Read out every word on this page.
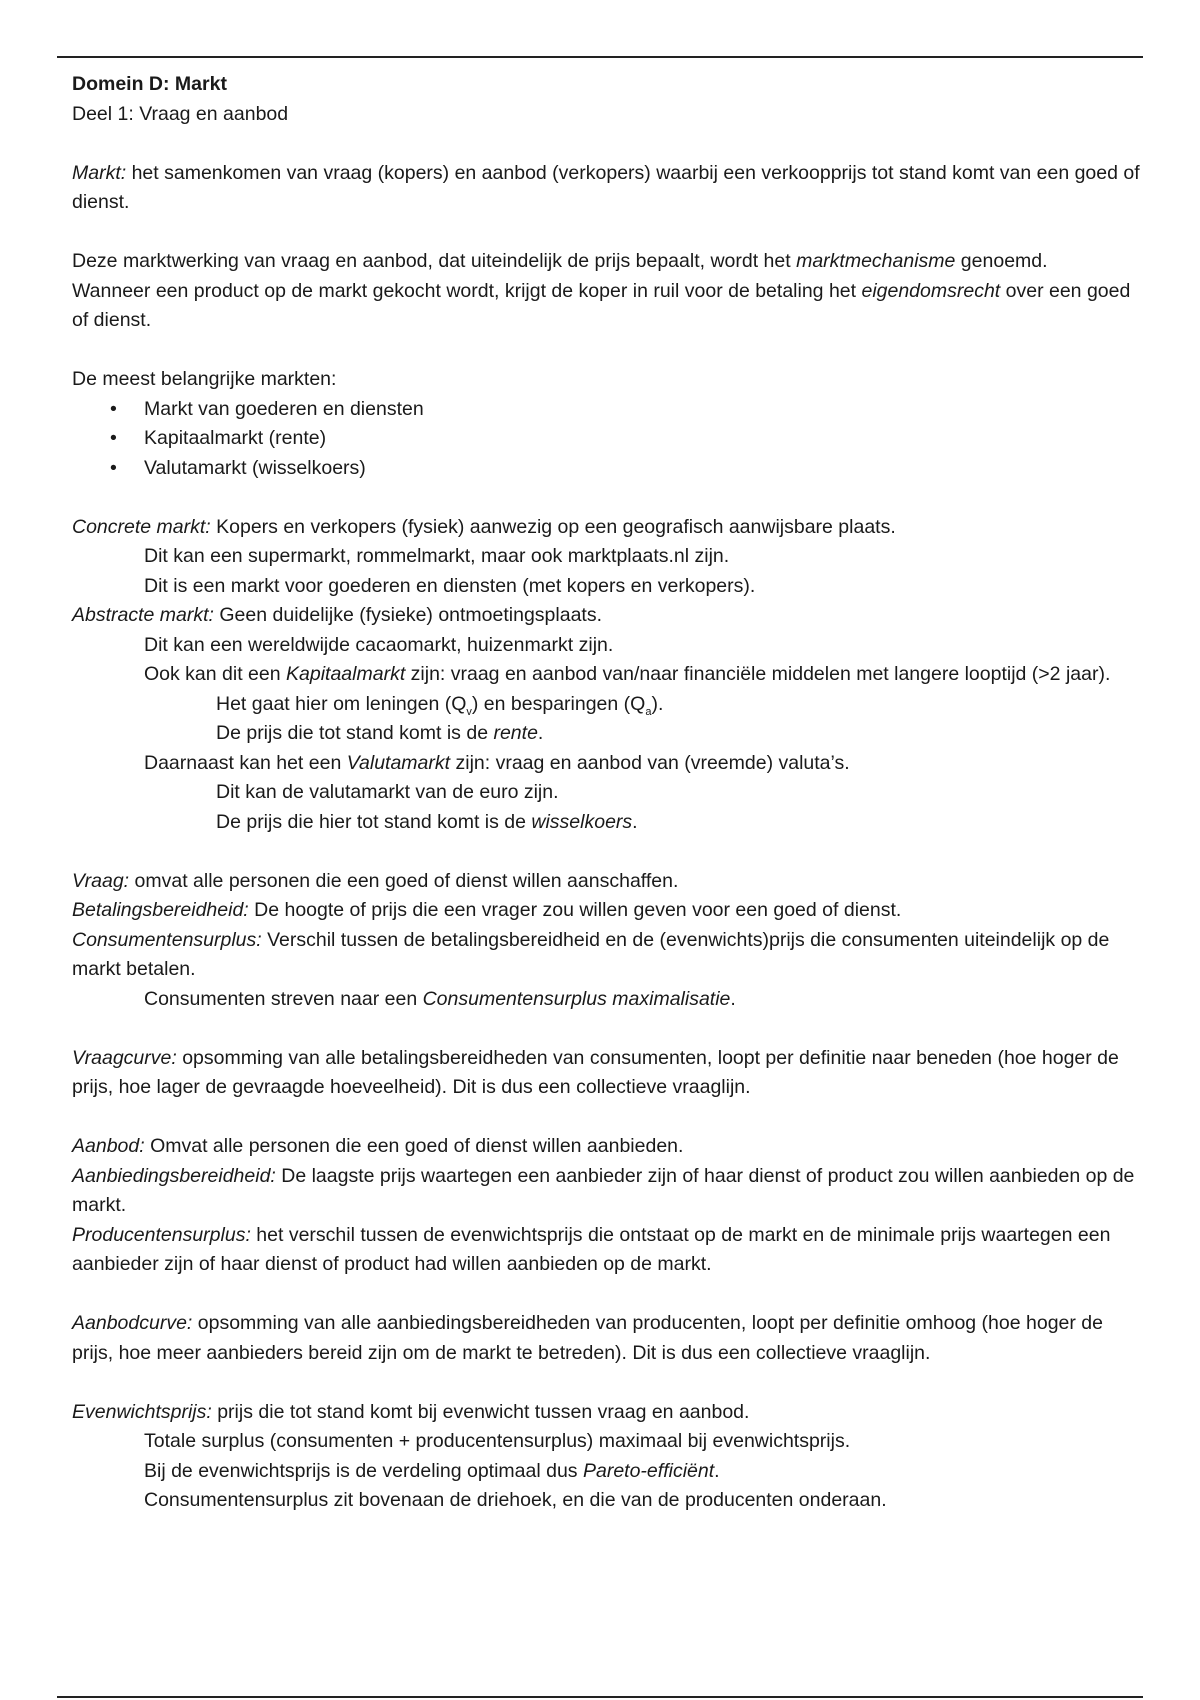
Domein D: Markt

Deel 1: Vraag en aanbod

Markt: het samenkomen van vraag (kopers) en aanbod (verkopers) waarbij een verkoopprijs tot stand komt van een goed of dienst.

Deze marktwerking van vraag en aanbod, dat uiteindelijk de prijs bepaalt, wordt het marktmechanisme genoemd.

Wanneer een product op de markt gekocht wordt, krijgt de koper in ruil voor de betaling het eigendomsrecht over een goed of dienst.

De meest belangrijke markten:

• Markt van goederen en diensten
• Kapitaalmarkt (rente)
• Valutamarkt (wisselkoers)

Concrete markt: Kopers en verkopers (fysiek) aanwezig op een geografisch aanwijsbare plaats.

Dit kan een supermarkt, rommelmarkt, maar ook marktplaats.nl zijn.

Dit is een markt voor goederen en diensten (met kopers en verkopers).

Abstracte markt: Geen duidelijke (fysieke) ontmoetingsplaats.

Dit kan een wereldwijde cacaomarkt, huizenmarkt zijn.

Ook kan dit een Kapitaalmarkt zijn: vraag en aanbod van/naar financiële middelen met langere looptijd (>2 jaar).

Het gaat hier om leningen $(Q_v)$ en besparingen $(Q_a)$.

De prijs die tot stand komt is de rente.

Daarnaast kan het een Valutamarkt zijn: vraag en aanbod van (vreemde) valuta’s.

Dit kan de valutamarkt van de euro zijn.

De prijs die hier tot stand komt is de wisselkoers.

Vraag: omvat alle personen die een goed of dienst willen aanschaffen.

Betalingsbereidheid: De hoogte of prijs die een vrager zou willen geven voor een goed of dienst.

Consumentensurplus: Verschil tussen de betalingsbereidheid en de (evenwichts)prijs die consumenten uiteindelijk op de markt betalen.

Consumenten streven naar een Consumentensurplus maximalisatie.

Vraagcurve: opsomming van alle betalingsbereidheden van consumenten, loopt per definitie naar beneden (hoe hoger de prijs, hoe lager de gevraagde hoeveelheid). Dit is dus een collectieve vraaglijn.

Aanbod: Omvat alle personen die een goed of dienst willen aanbieden.

Aanbiedingsbereidheid: De laagste prijs waartegen een aanbieder zijn of haar dienst of product zou willen aanbieden op de markt.

Producentensurplus: het verschil tussen de evenwichtsprijs die ontstaat op de markt en de minimale prijs waartegen een aanbieder zijn of haar dienst of product had willen aanbieden op de markt.

Aanbodcurve: opsomming van alle aanbiedingsbereidheden van producenten, loopt per definitie omhoog (hoe hoger de prijs, hoe meer aanbieders bereid zijn om de markt te betreden). Dit is dus een collectieve vraaglijn.

Evenwichtsprijs: prijs die tot stand komt bij evenwicht tussen vraag en aanbod.

Totale surplus (consumenten + producentensurplus) maximaal bij evenwichtsprijs.

Bij de evenwichtsprijs is de verdeling optimaal dus Pareto-efficiënt.

Consumentensurplus zit bovenaan de driehoek, en die van de producenten onderaan.
